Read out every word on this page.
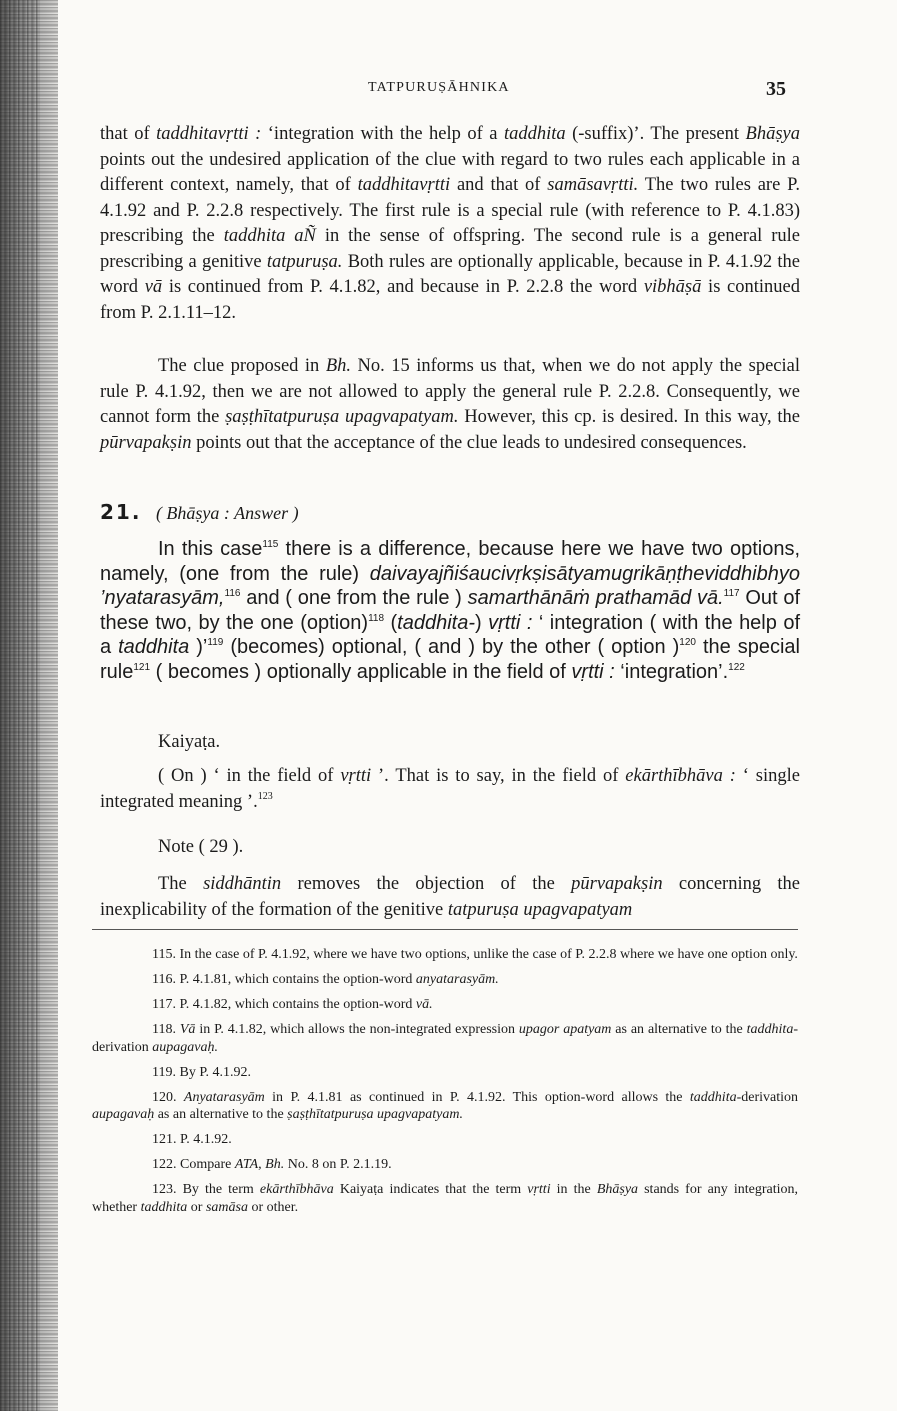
TATPURUṢĀHNIKA	35
that of taddhitavṛtti : ‘integration with the help of a taddhita (-suffix)’. The present Bhāṣya points out the undesired application of the clue with regard to two rules each applicable in a different context, namely, that of taddhitavṛtti and that of samāsavṛtti. The two rules are P. 4.1.92 and P. 2.2.8 respectively. The first rule is a special rule (with reference to P. 4.1.83) prescribing the taddhita aÑ in the sense of offspring. The second rule is a general rule prescribing a genitive tatpuruṣa. Both rules are optionally applicable, because in P. 4.1.92 the word vā is continued from P. 4.1.82, and because in P. 2.2.8 the word vibhāṣā is continued from P. 2.1.11–12.
The clue proposed in Bh. No. 15 informs us that, when we do not apply the special rule P. 4.1.92, then we are not allowed to apply the general rule P. 2.2.8. Consequently, we cannot form the ṣaṣṭhītatpuruṣa upagvapatyam. However, this cp. is desired. In this way, the pūrvapakṣin points out that the acceptance of the clue leads to undesired consequences.
21. ( Bhāṣya : Answer )
In this case$^{115}$ there is a difference, because here we have two options, namely, (one from the rule) daivayajñiśaucivṛkṣisātyamugrikāṇṭheviddhibhyo ’nyatarasyām,$^{116}$ and ( one from the rule ) samarthānāṁ prathamād vā.$^{117}$ Out of these two, by the one (option)$^{118}$ (taddhita-) vṛtti : ‘ integration ( with the help of a taddhita )’$^{119}$ (becomes) optional, ( and ) by the other ( option )$^{120}$ the special rule$^{121}$ ( becomes ) optionally applicable in the field of vṛtti : ‘integration’.$^{122}$
Kaiyaṭa.
( On ) ‘ in the field of vṛtti ’. That is to say, in the field of ekārthībhāva : ‘ single integrated meaning ’.$^{123}$
Note ( 29 ).
The siddhāntin removes the objection of the pūrvapakṣin concerning the inexplicability of the formation of the genitive tatpuruṣa upagvapatyam
115. In the case of P. 4.1.92, where we have two options, unlike the case of P. 2.2.8 where we have one option only.
116. P. 4.1.81, which contains the option-word anyatarasyām.
117. P. 4.1.82, which contains the option-word vā.
118. Vā in P. 4.1.82, which allows the non-integrated expression upagor apatyam as an alternative to the taddhita-derivation aupagavaḥ.
119. By P. 4.1.92.
120. Anyatarasyām in P. 4.1.81 as continued in P. 4.1.92. This option-word allows the taddhita-derivation aupagavaḥ as an alternative to the ṣaṣṭhītatpuruṣa upagvapatyam.
121. P. 4.1.92.
122. Compare ATA, Bh. No. 8 on P. 2.1.19.
123. By the term ekārthībhāva Kaiyaṭa indicates that the term vṛtti in the Bhāṣya stands for any integration, whether taddhita or samāsa or other.
